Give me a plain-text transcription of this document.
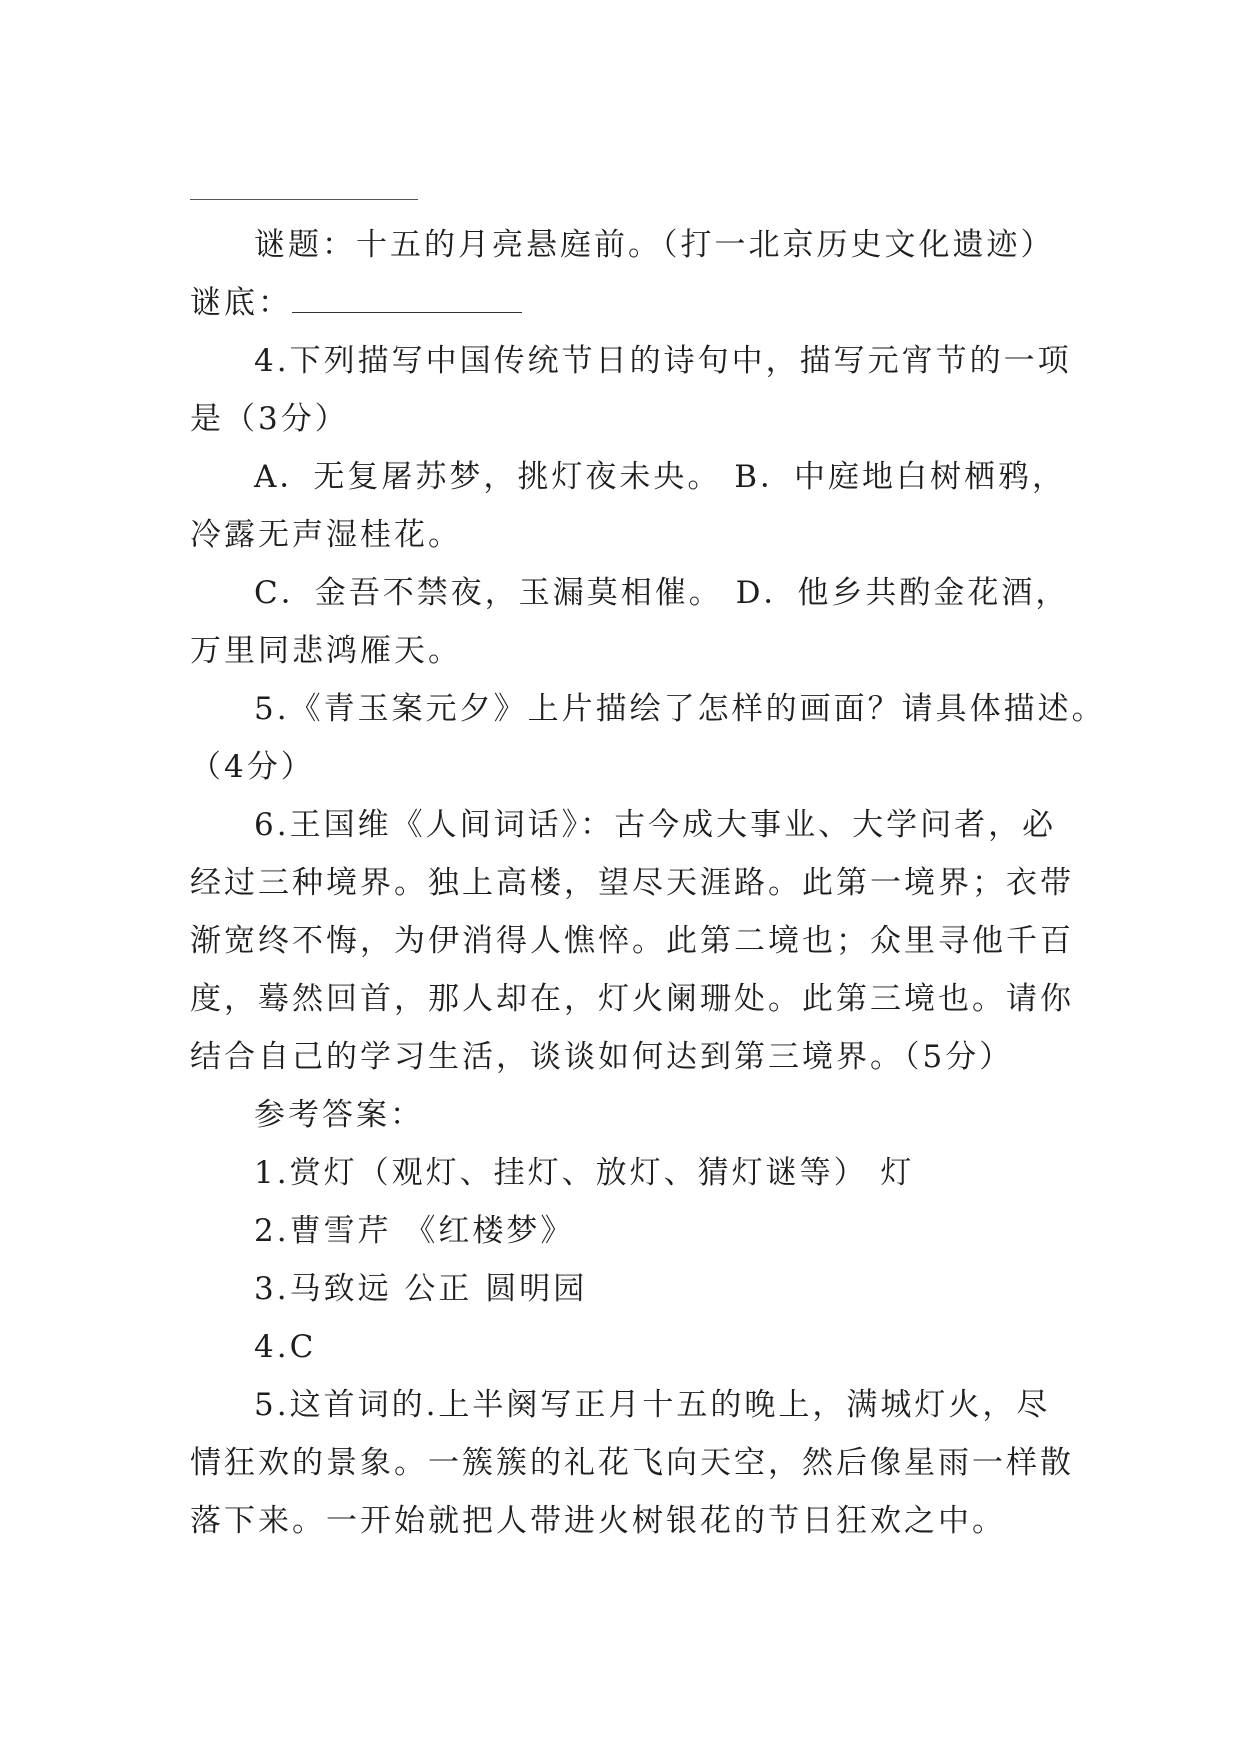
谜题：十五的月亮悬庭前。（打一北京历史文化遗迹）
谜底：
4.下列描写中国传统节日的诗句中，描写元宵节的一项
是（3分）
A．无复屠苏梦，挑灯夜未央。 B．中庭地白树栖鸦，
冷露无声湿桂花。
C．金吾不禁夜，玉漏莫相催。 D．他乡共酌金花酒，
万里同悲鸿雁天。
5.《青玉案元夕》上片描绘了怎样的画面？请具体描述。
（4分）
6.王国维《人间词话》：古今成大事业、大学问者，必
经过三种境界。独上高楼，望尽天涯路。此第一境界；衣带
渐宽终不悔，为伊消得人憔悴。此第二境也；众里寻他千百
度，蓦然回首，那人却在，灯火阑珊处。此第三境也。请你
结合自己的学习生活，谈谈如何达到第三境界。（5分）
参考答案：
1.赏灯（观灯、挂灯、放灯、猜灯谜等） 灯
2.曹雪芹 《红楼梦》
3.马致远 公正 圆明园
4.C
5.这首词的.上半阕写正月十五的晚上，满城灯火，尽
情狂欢的景象。一簇簇的礼花飞向天空，然后像星雨一样散
落下来。一开始就把人带进火树银花的节日狂欢之中。
